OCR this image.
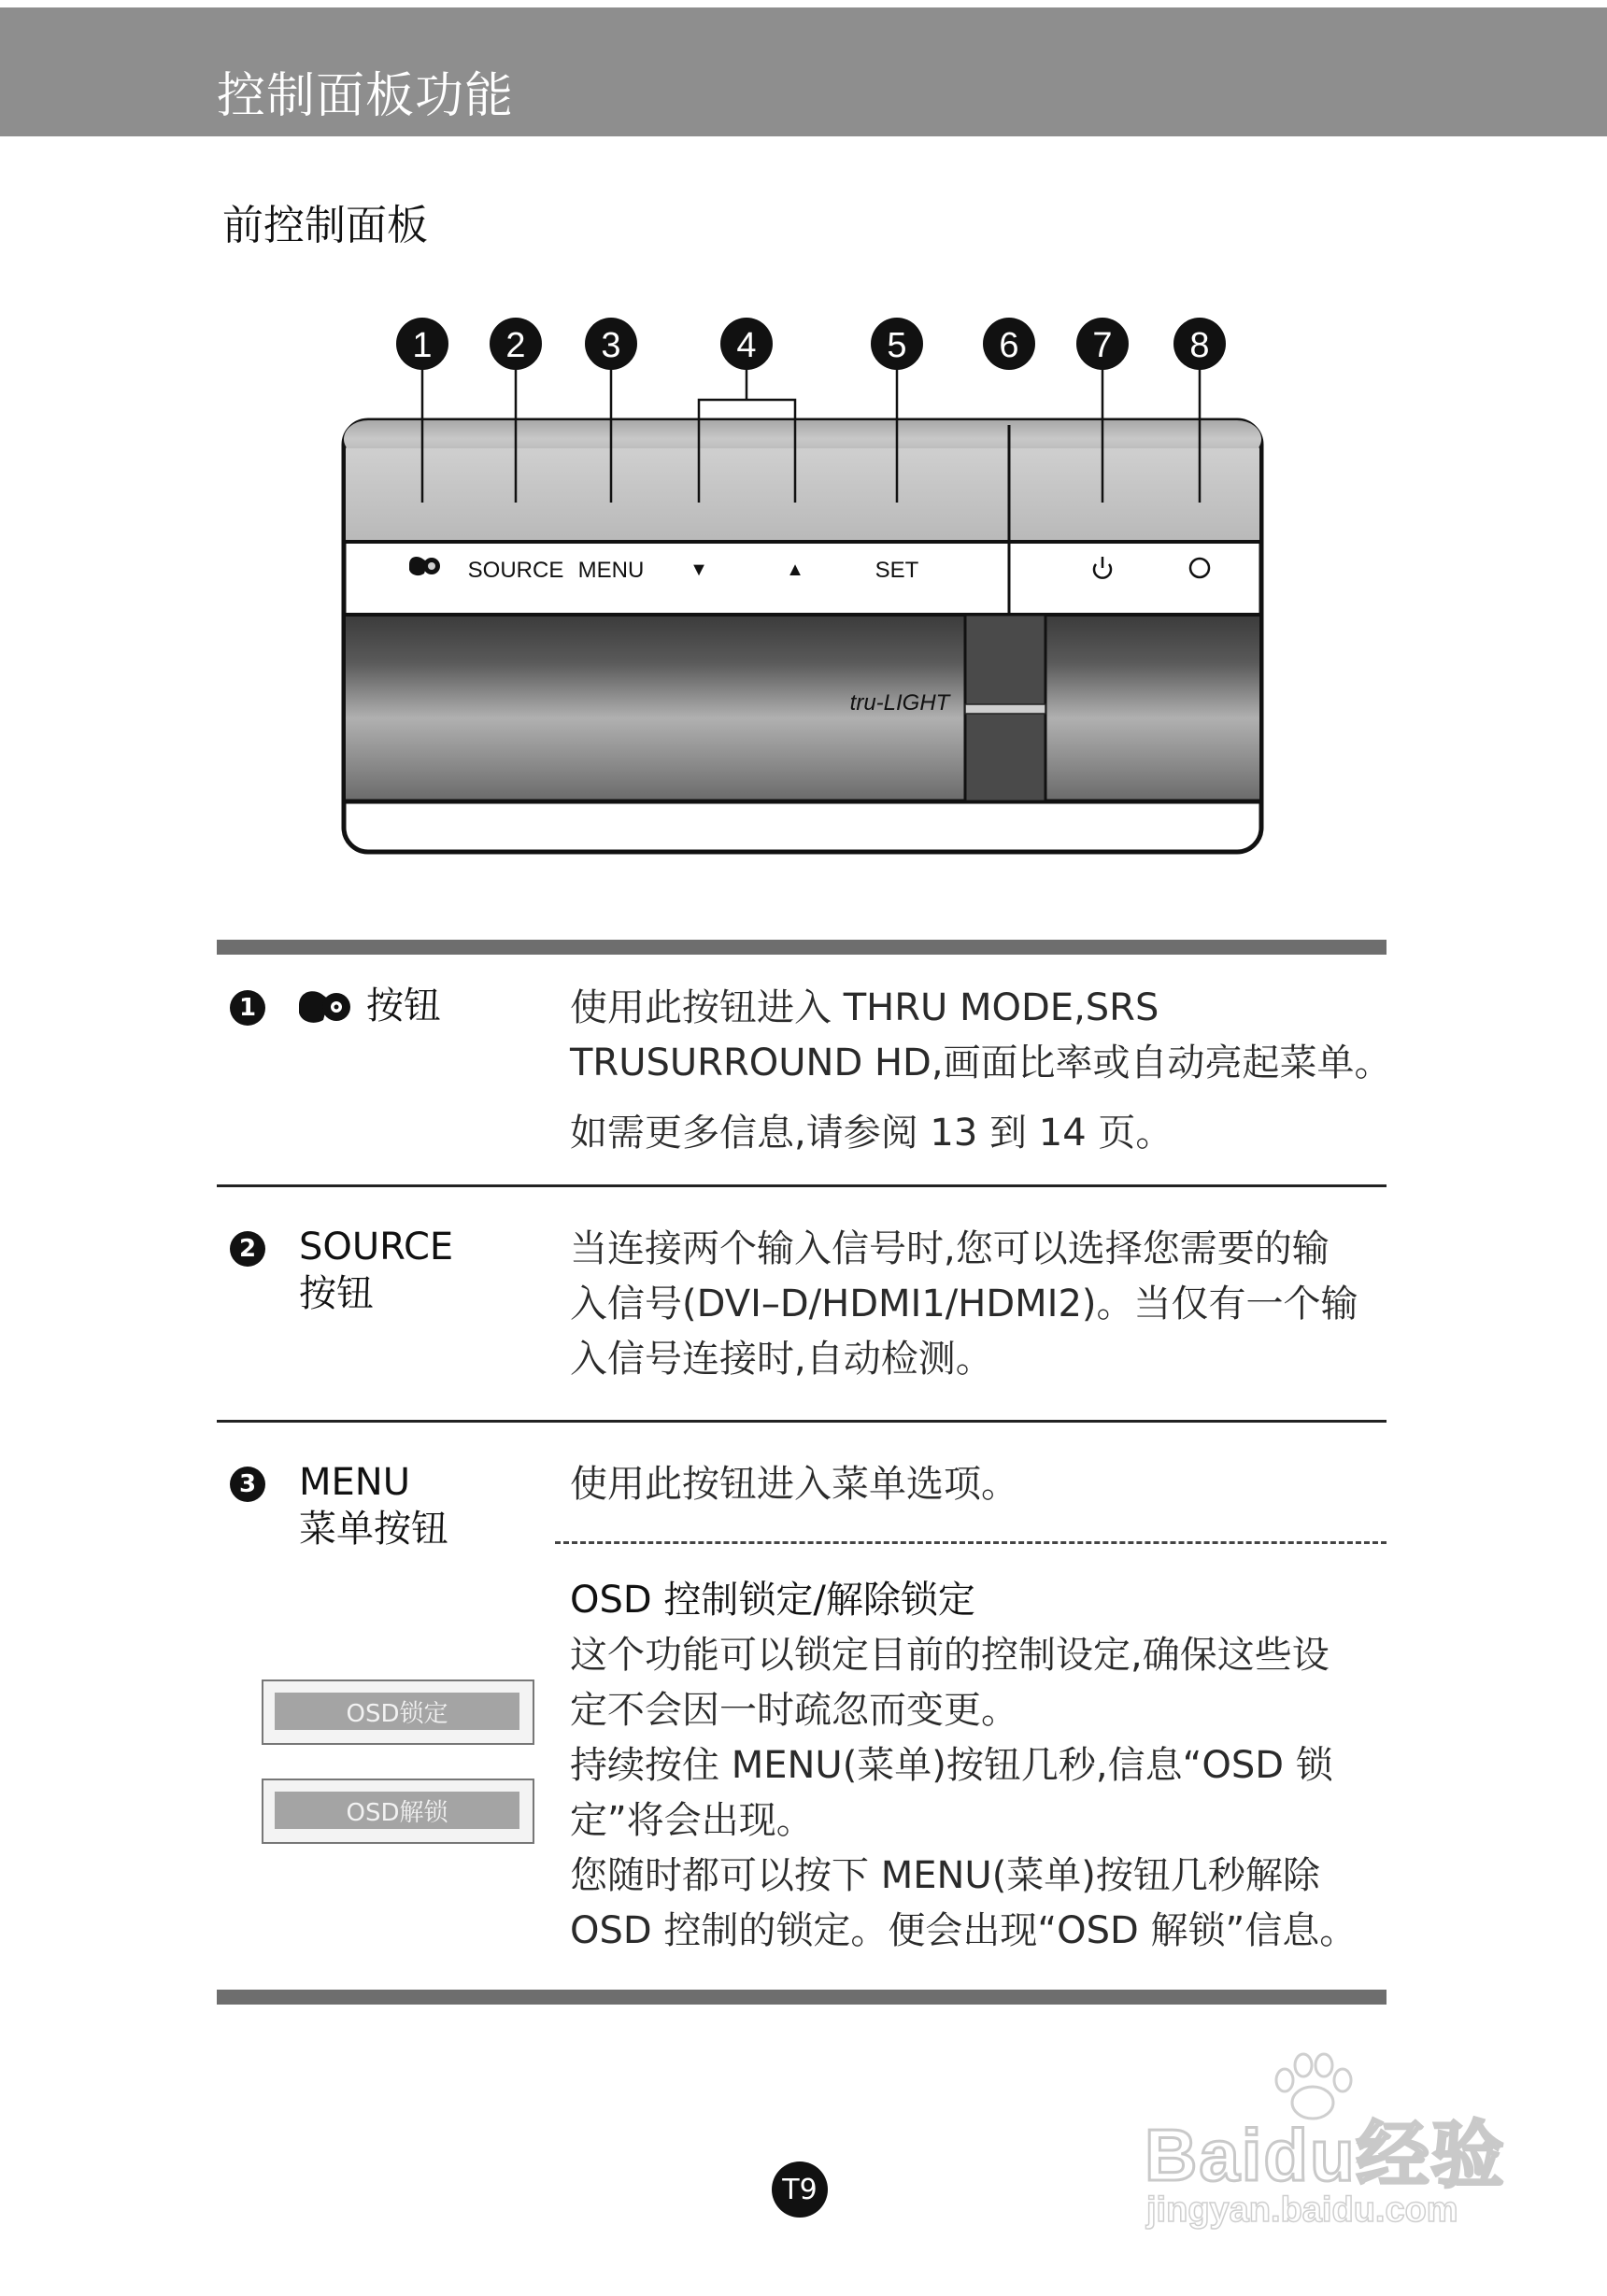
控制面板功能
前控制面板
1 2 3	4	5	6 7 8
SOURCE MENU ▼	▲	SET
tru-LIGHT
1	按钮	使用此按钮进入 THRU MODE,SRS

TRUSURROUND HD,画面比率或自动亮起菜单。

如需更多信息,请参阅 13 到 14 页。

2 SOURCE
按钮

当连接两个输入信号时,您可以选择您需要的输

入信号(DVI–D/HDMI1/HDMI2)。当仅有一个输

入信号连接时,自动检测。

3 MENU
菜单按钮

使用此按钮进入菜单选项。

OSD 控制锁定/解除锁定

这个功能可以锁定目前的控制设定,确保这些设

定不会因一时疏忽而变更。

持续按住 MENU(菜单)按钮几秒,信息“OSD 锁

定”将会出现。

您随时都可以按下 MENU(菜单)按钮几秒解除

OSD 控制的锁定。便会出现“OSD 解锁”信息。

OSD锁定
OSD解锁
T9	Baidu经验
jingyan.baidu.com
